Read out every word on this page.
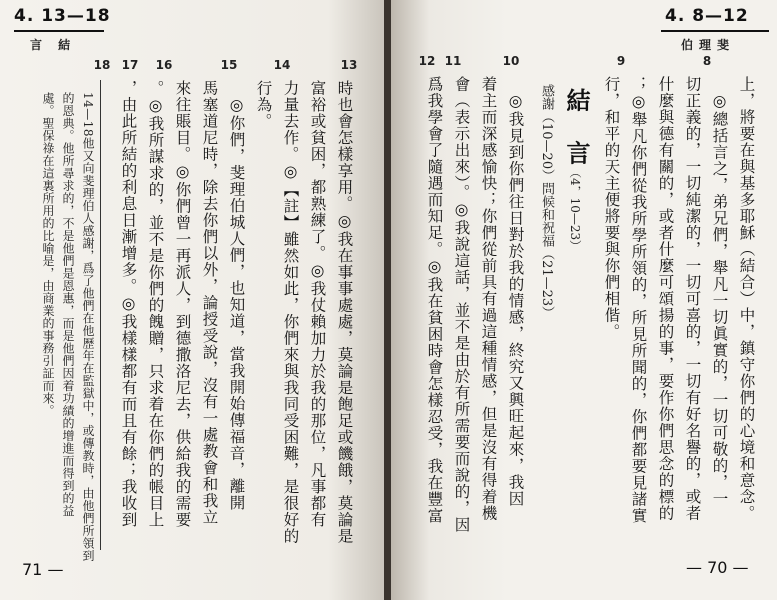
4. 13—18
言 結
13
14
15
16
17
18
時也會怎樣享用。◎我在事事處處，莫論是飽足或饑餓，莫論是
富裕或貧困，都熟練了。◎我仗賴加力於我的那位，凡事都有
力量去作。◎【註】雖然如此，你們來與我同受困難，是很好的
行為。
◎你們，斐理伯城人們，也知道，當我開始傳福音，離開
馬塞道尼時，除去你們以外，論授受說，沒有一處教會和我立
來往賬目。◎你們曾一再派人，到德撒洛尼去，供給我的需要
。◎我所謀求的，並不是你們的餽贈，只求着在你們的帳目上
，由此所結的利息日漸增多。◎我樣樣都有而且有餘；我收到
14—18他又向斐理伯人感謝，爲了他們在他歷年在監獄中，或傳教時，由他們所領到
的恩典。他所尋求的，不是他們是恩惠，而是他們因着功績的增進而得到的益
處。聖保祿在這裏所用的比喻是，由商業的事務引証而來。
71 —
4. 8—12
伯理斐
8
9
10
11
12
上，將要在與基多耶穌（結合）中，鎮守你們的心境和意念。
◎總括言之，弟兄們，舉凡一切眞實的，一切可敬的，一
切正義的，一切純潔的，一切可喜的，一切有好名譽的，或者
什麼與德有關的，或者什麼可頌揚的事，要作你們思念的標的
；◎舉凡你們從我所學所領的，所見所聞的，你們都要見諸實
行，和平的天主便將要與你們相偕。
結 言
（4，10—23）
感謝（10—20）問候和祝福（21—23）
◎我見到你們往日對於我的情感，終究又興旺起來，我因
着主而深感愉快；你們從前具有過這種情感，但是沒有得着機
會（表示出來）。◎我說這話，並不是由於有所需要而說的，因
爲我學會了隨遇而知足。◎我在貧困時會怎樣忍受，我在豐富
— 70 —
